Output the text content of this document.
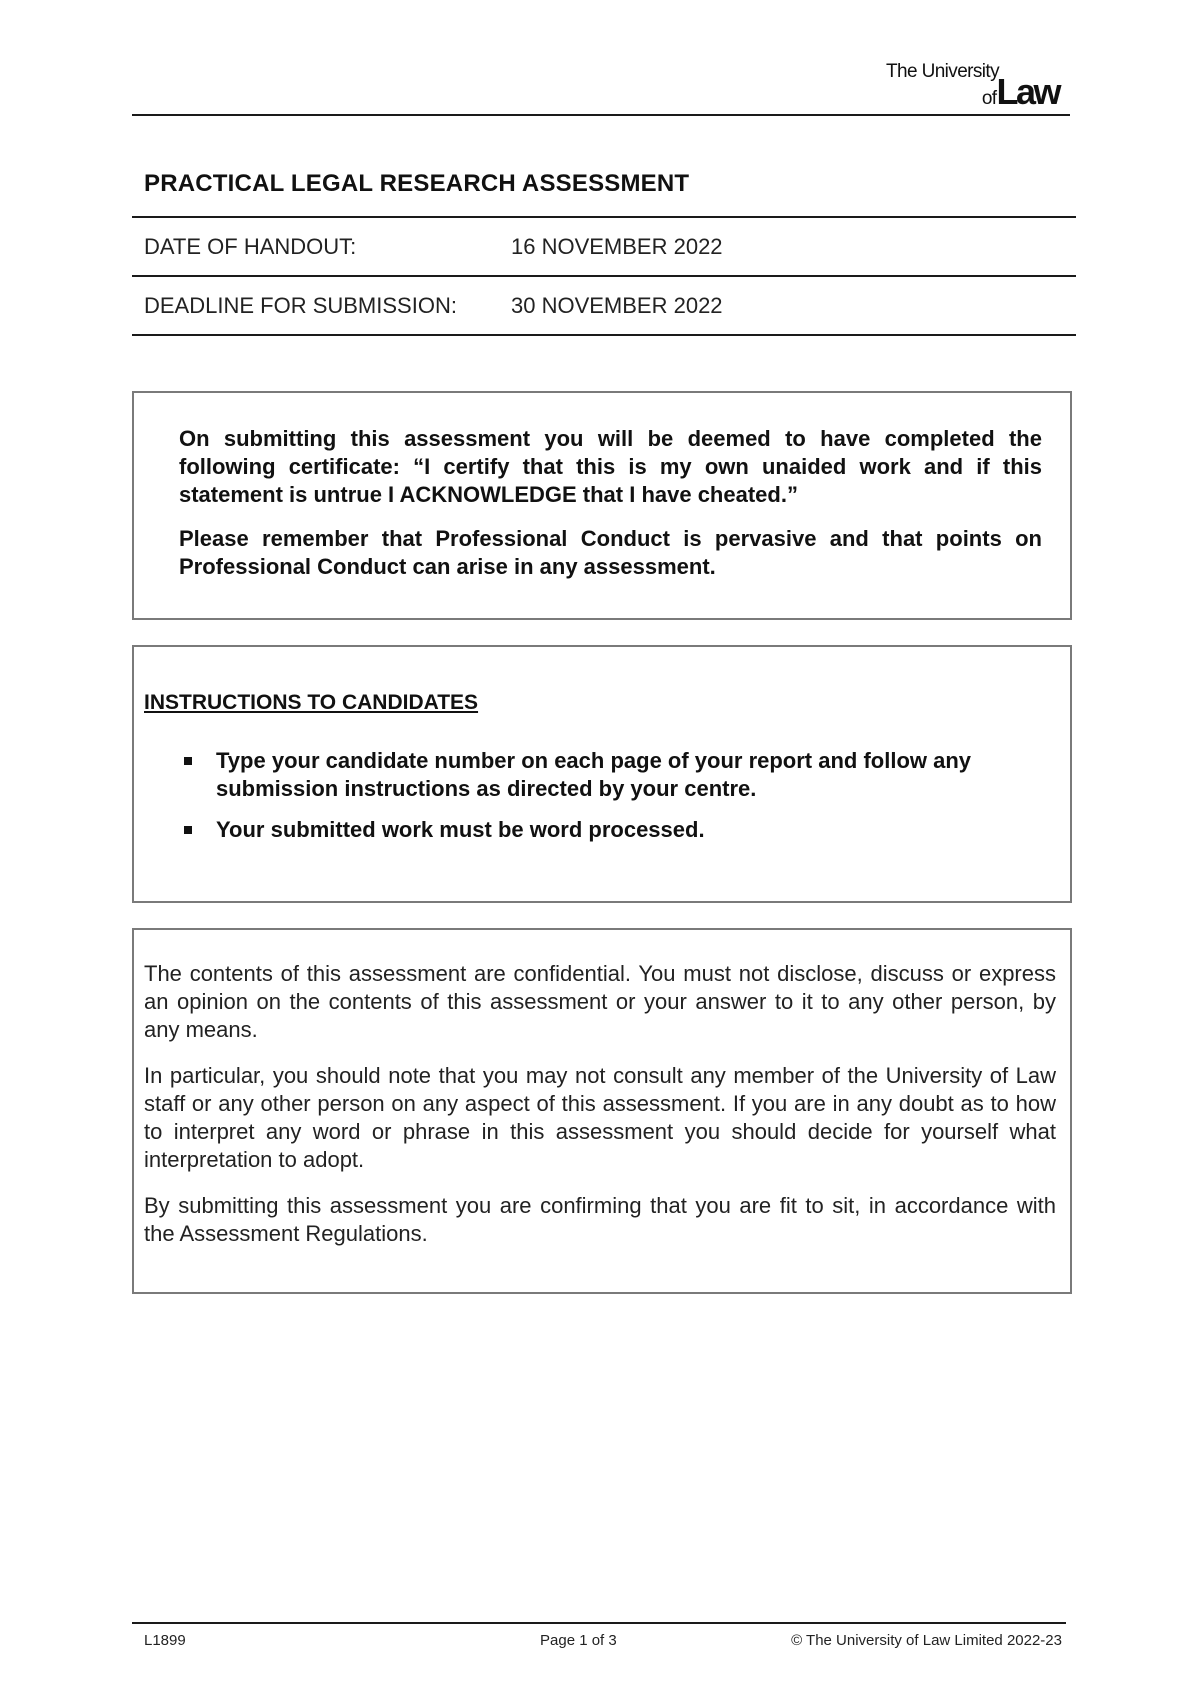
The University
ofLaw
PRACTICAL LEGAL RESEARCH ASSESSMENT
DATE OF HANDOUT:	16 NOVEMBER 2022
DEADLINE FOR SUBMISSION: 30 NOVEMBER 2022

On submitting this assessment you will be deemed to have completed the following certificate: “I certify that this is my own unaided work and if this statement is untrue I ACKNOWLEDGE that I have cheated.”

Please remember that Professional Conduct is pervasive and that points on Professional Conduct can arise in any assessment.

INSTRUCTIONS TO CANDIDATES
Type your candidate number on each page of your report and follow any submission instructions as directed by your centre.
Your submitted work must be word processed.

The contents of this assessment are confidential. You must not disclose, discuss or express an opinion on the contents of this assessment or your answer to it to any other person, by any means.

In particular, you should note that you may not consult any member of the University of Law staff or any other person on any aspect of this assessment. If you are in any doubt as to how to interpret any word or phrase in this assessment you should decide for yourself what interpretation to adopt.

By submitting this assessment you are confirming that you are fit to sit, in accordance with the Assessment Regulations.

L1899	Page 1 of 3	© The University of Law Limited 2022-23
